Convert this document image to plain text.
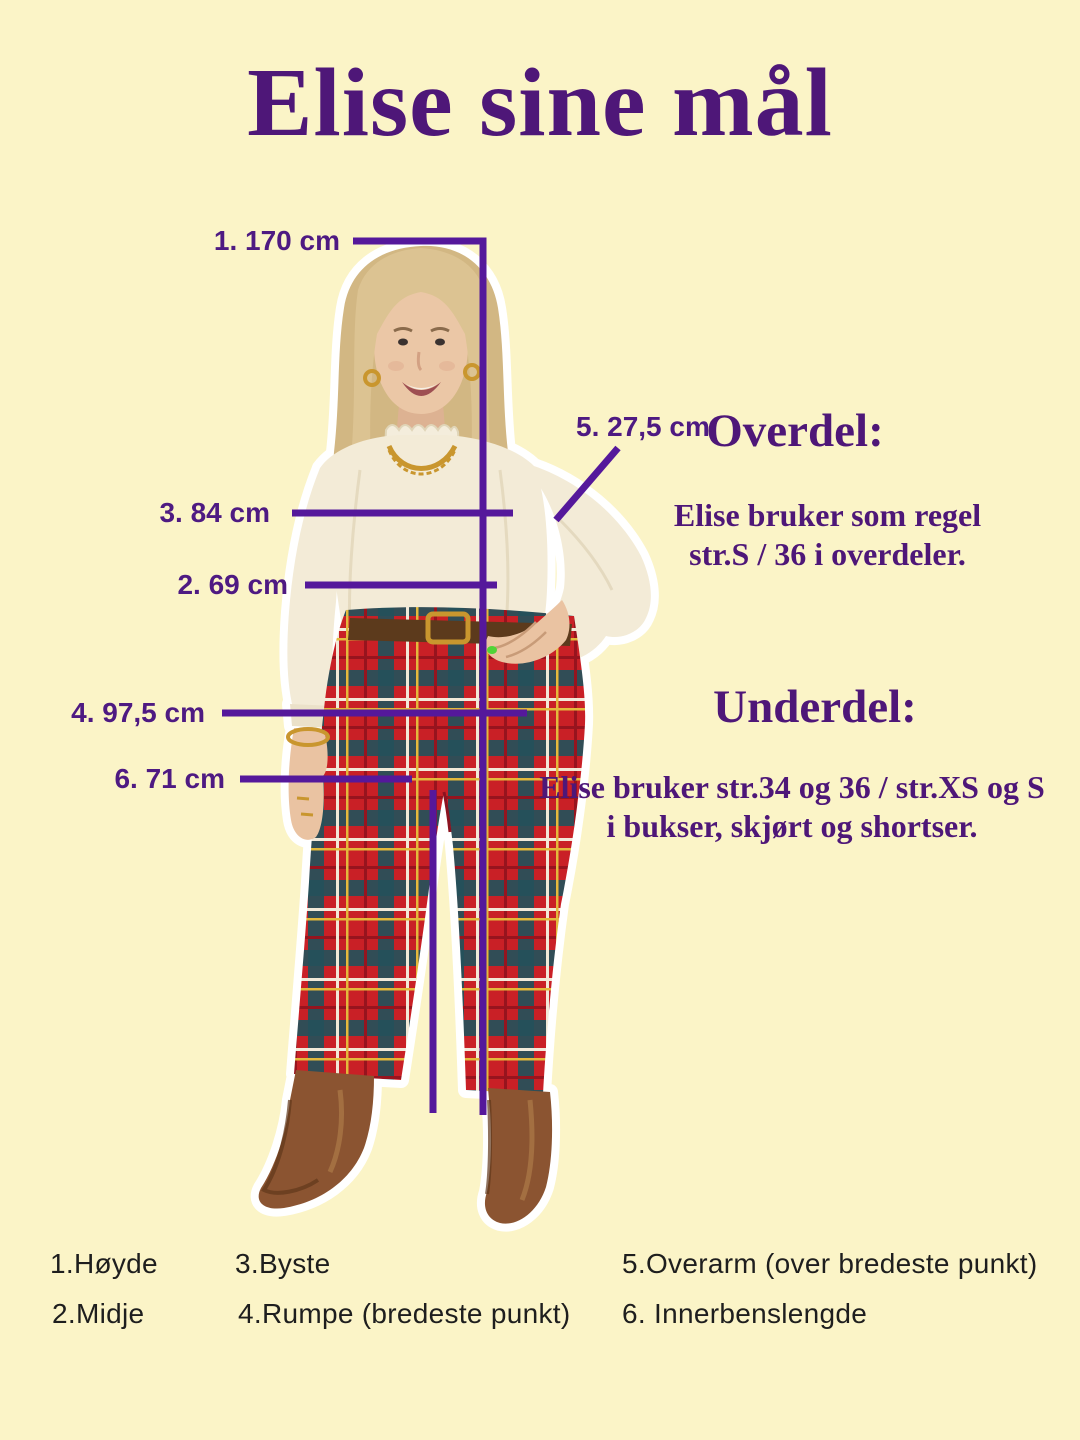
Elise sine mål
1. 170 cm
5. 27,5 cm
3. 84 cm
2. 69 cm
4. 97,5 cm
6. 71 cm
Overdel:

Elise bruker som regel

str.S / 36 i overdeler.

Underdel:

Elise bruker str.34 og 36 / str.XS og S

i bukser, skjørt og shortser.

1.Høyde
2.Midje
3.Byste
4.Rumpe (bredeste punkt)
5.Overarm (over bredeste punkt)
6. Innerbenslengde
